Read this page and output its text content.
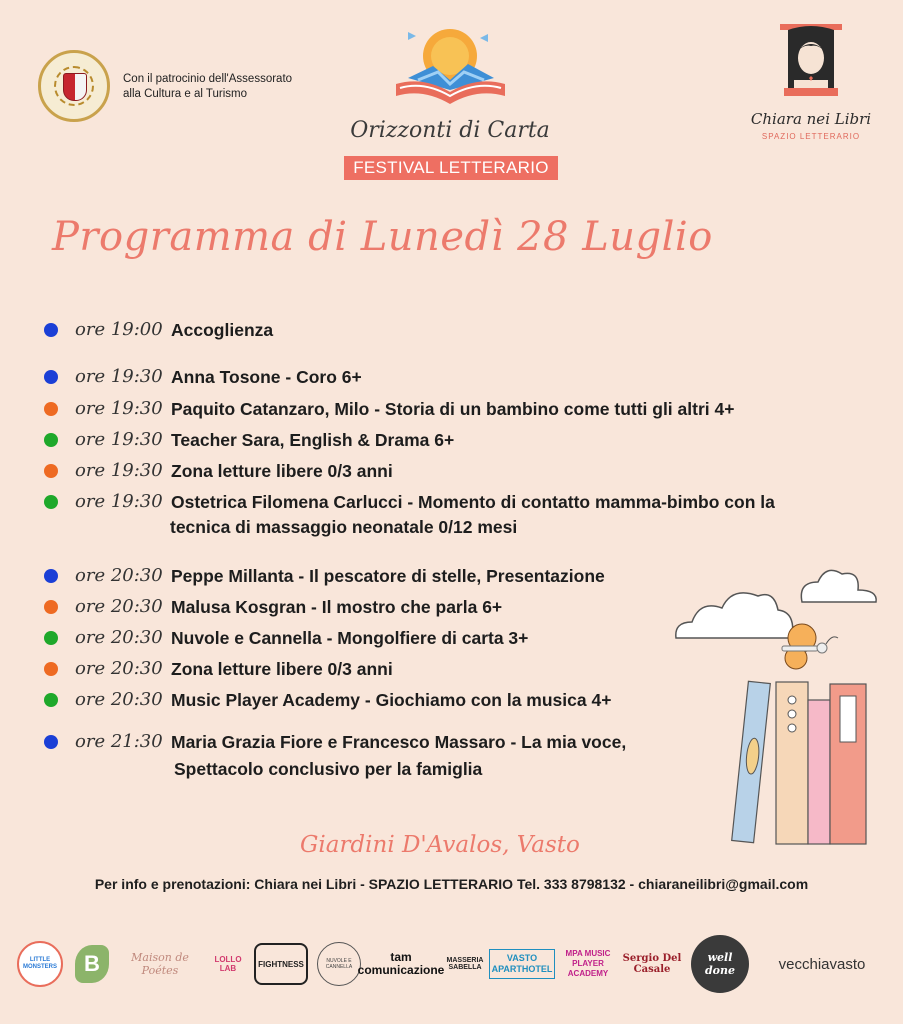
Con il patrocinio dell'Assessorato
alla Cultura e al Turismo
Orizzonti di Carta
FESTIVAL LETTERARIO
Chiara nei Libri
SPAZIO LETTERARIO
Programma di Lunedì 28 Luglio
ore 19:00 Accoglienza
ore 19:30 Anna Tosone - Coro 6+
ore 19:30 Paquito Catanzaro, Milo - Storia di un bambino come tutti gli altri 4+
ore 19:30 Teacher Sara, English & Drama 6+
ore 19:30 Zona letture libere 0/3 anni
ore 19:30 Ostetrica Filomena Carlucci - Momento di contatto mamma-bimbo con la
tecnica di massaggio neonatale 0/12 mesi
ore 20:30 Peppe Millanta - Il pescatore di stelle, Presentazione
ore 20:30 Malusa Kosgran - Il mostro che parla 6+
ore 20:30 Nuvole e Cannella - Mongolfiere di carta 3+
ore 20:30 Zona letture libere 0/3 anni
ore 20:30 Music Player Academy - Giochiamo con la musica 4+
ore 21:30 Maria Grazia Fiore e Francesco Massaro - La mia voce,
Spettacolo conclusivo per la famiglia
Giardini D'Avalos, Vasto
Per info e prenotazioni: Chiara nei Libri - SPAZIO LETTERARIO Tel. 333 8798132 - chiaraneilibri@gmail.com
LITTLE MONSTERS	B	Maison de Poétes
LOLLO LAB	FIGHTNESS	NUVOLE E CANNELLA
tam comunicazione
MASSERIA SABELLA
VASTO APARTHOTEL
MPA MUSIC PLAYER ACADEMY
Sergio Del Casale
well done	vecchiavasto
